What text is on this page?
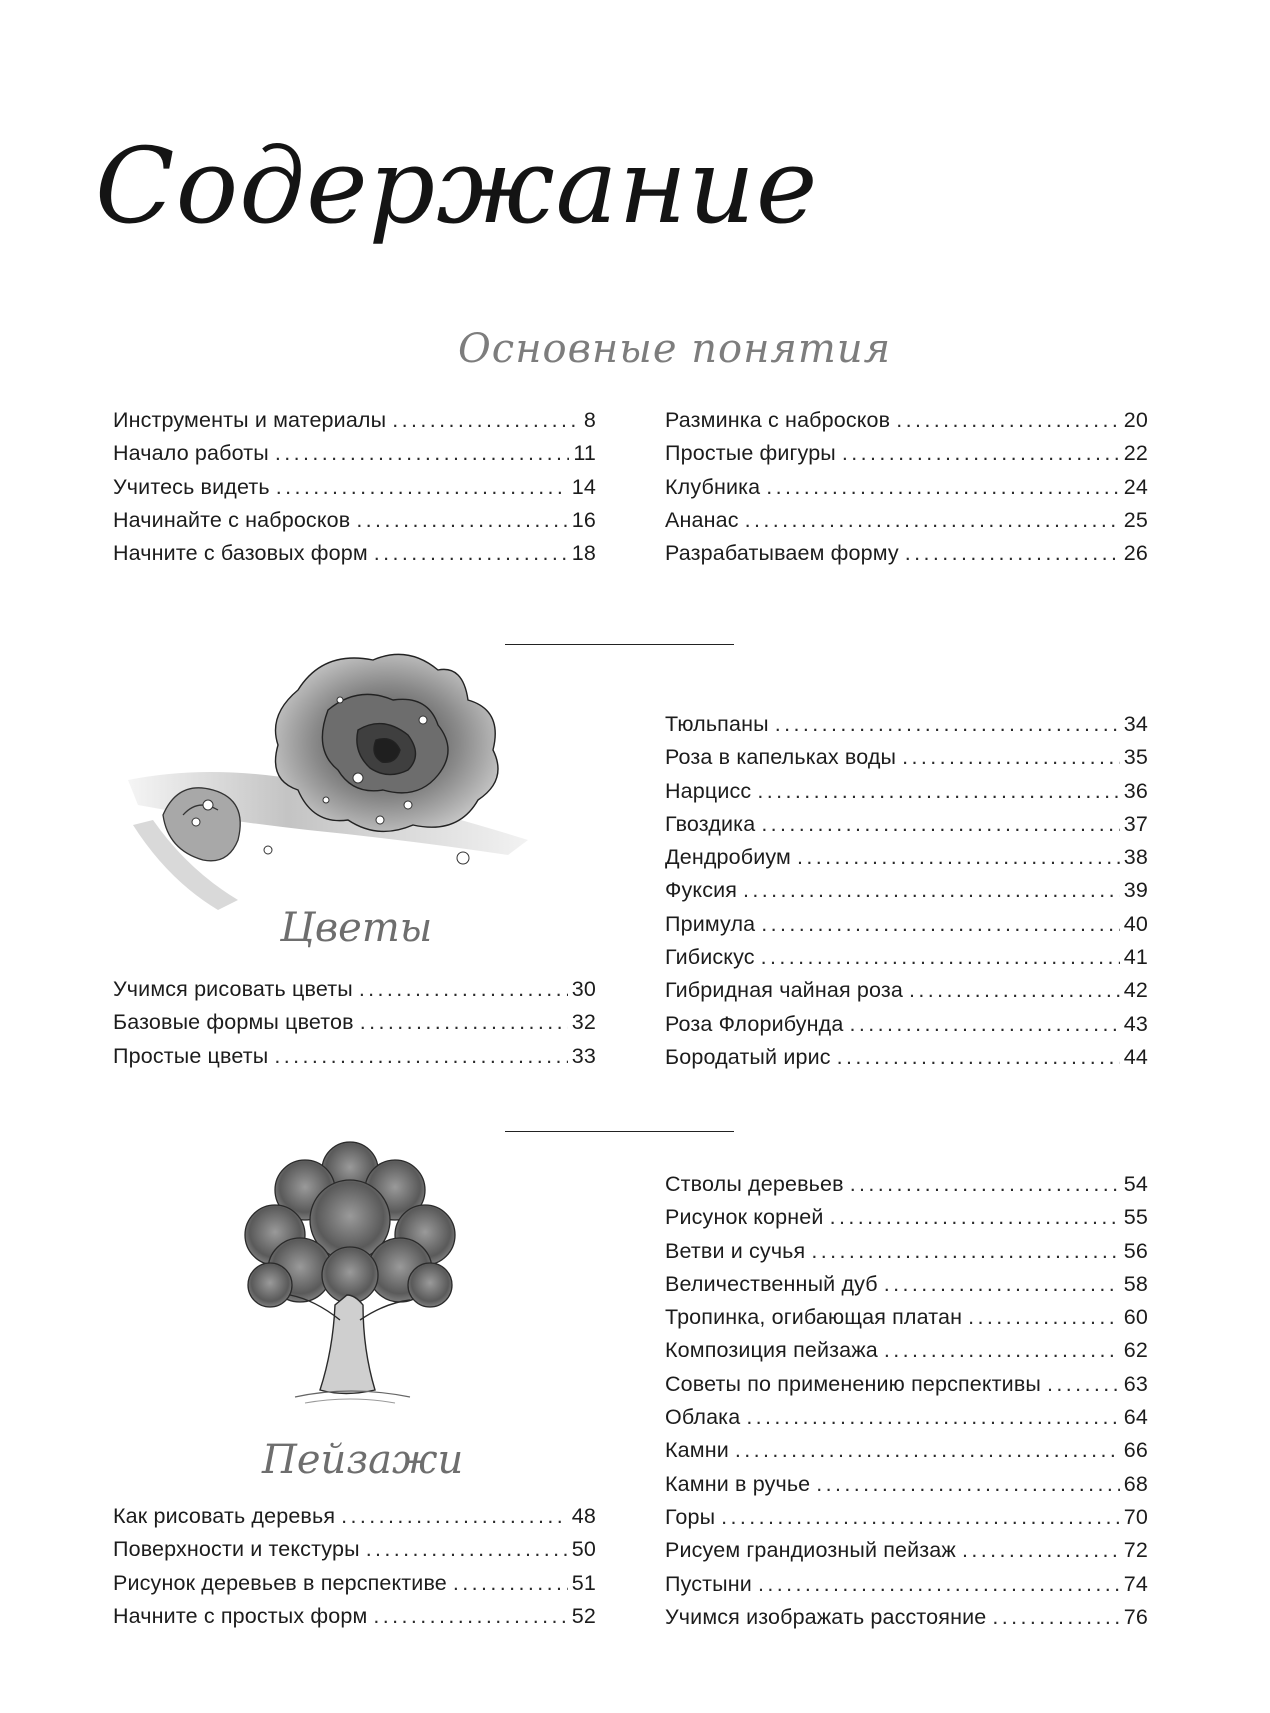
Содержание
Основные понятия
Инструменты и материалы .....	8
Начало работы .....	11
Учитесь видеть .....	14
Начинайте с набросков .....	16
Начните с базовых форм .....	18
Разминка с набросков .....	20
Простые фигуры .....	22
Клубника .....	24
Ананас .....	25
Разрабатываем форму .....	26
Цветы
Тюльпаны .....	34
Роза в капельках воды .....	35
Нарцисс .....	36
Гвоздика .....	37
Дендробиум .....	38
Фуксия .....	39
Примула .....	40
Гибискус .....	41
Гибридная чайная роза .....	42
Роза Флорибунда .....	43
Бородатый ирис .....	44
Учимся рисовать цветы .....	30
Базовые формы цветов .....	32
Простые цветы .....	33
Пейзажи
Стволы деревьев .....	54
Рисунок корней .....	55
Ветви и сучья .....	56
Величественный дуб .....	58
Тропинка, огибающая платан .....	60
Композиция пейзажа .....	62
Советы по применению перспективы .....	63
Облака .....	64
Камни .....	66
Камни в ручье .....	68
Горы .....	70
Рисуем грандиозный пейзаж .....	72
Пустыни .....	74
Учимся изображать расстояние .....	76
Как рисовать деревья .....	48
Поверхности и текстуры .....	50
Рисунок деревьев в перспективе .....	51
Начните с простых форм .....	52
